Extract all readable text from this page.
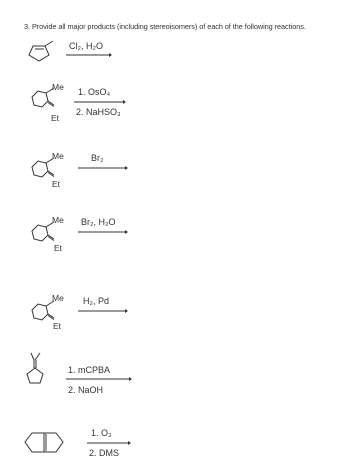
3. Provide all major products (including stereoisomers) of each of the following reactions.
Cl₂, H₂O
Me
Et
1. OsO₄
2. NaHSO₃
Me
Et
Br₂
Me
Et
Br₂, H₂O
Me
Et
H₂, Pd
1. mCPBA
2. NaOH
1. O₃
2. DMS
